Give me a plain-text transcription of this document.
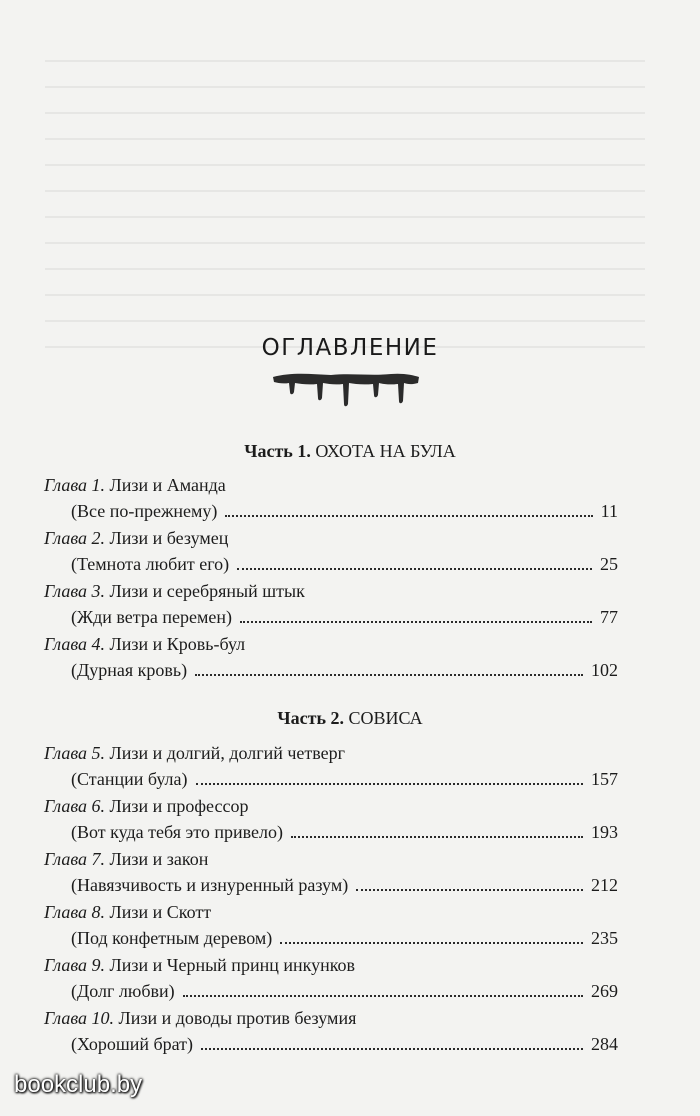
ОГЛАВЛЕНИЕ
Часть 1. ОХОТА НА БУЛА
Глава 1. Лизи и Аманда
(Все по-прежнему)	11
Глава 2. Лизи и безумец
(Темнота любит его)	25
Глава 3. Лизи и серебряный штык
(Жди ветра перемен)	77
Глава 4. Лизи и Кровь-бул
(Дурная кровь)	102
Часть 2. СОВИСА
Глава 5. Лизи и долгий, долгий четверг
(Станции була)	157
Глава 6. Лизи и профессор
(Вот куда тебя это привело)	193
Глава 7. Лизи и закон
(Навязчивость и изнуренный разум)	212
Глава 8. Лизи и Скотт
(Под конфетным деревом)	235
Глава 9. Лизи и Черный принц инкунков
(Долг любви)	269
Глава 10. Лизи и доводы против безумия
(Хороший брат)	284
bookclub.by
